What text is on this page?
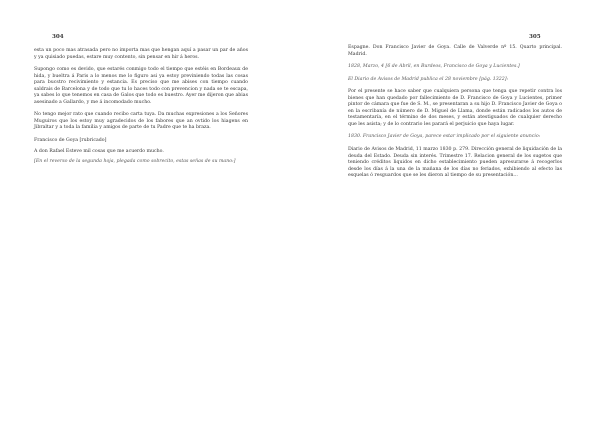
304

esta un poco mas atrasada pero no importa mas que hengan aquí a pasar un par de años y ya quisiado puedas, estare muy contento, sin pensar en hir á heros.

Supongo como es devido, que estarés conmigo todo el tiempo que estéis en Bordeaux de hida, y bueltra á Paris a lo menos me lo figuro asi ya estoy previniendo todas las cosas para bucstro recivimiento y estancia. Es preciso que me abises con tiempo cuando saldrais de Barcelona y de todo que tu lo haces todo con prevencion y nada se te escapa, ya sabes lo que tenemos en casa de Galos que todo es buestro. Ayer me dijeron que abias asesinado a Gallardo, y me á incomodado mucho.

No tengo mejor rato que cuando recibo carta tuya. Da muchas expresiones a los Señores Muguiros que los estoy muy agradecidos de los fabores que an ovtido los hiagens en Jibraltar y a toda la familia y amigos de parte de tu Padre que te ha braza.

Francisco de Goya [rubricado]

A don Rafael Esteve mil cosas que me acuerdo mucho.

[En el reverso de la segunda hoja, plegada como sobrecito, estas señas de su mano:]

305

Espagne. Don Francisco Javier de Goya. Calle de Valverde nº 15. Quarto principal. Madrid.

1828, Marzo, 4 [6 de Abril, en Burdeos, Francisco de Goya y Lucientes.]

El Diario de Avisos de Madrid publica el 28 noviembre [pág. 1322]:

Por el presente se hace saber que cualquiera persona que tenga que repetir contra los bienes que han quedado por fallecimiento de D. Francisco de Goya y Lucientes, primer pintor de cámara que fue de S. M., se presentaran a su hijo D. Francisco Javier de Goya o en la escribanía de número de D. Miguel de Llama, donde están radicados los autos de testamentaría, en el término de dos meses, y están atestiguados de cualquier derecho que les asista; y de lo contrario les parará el perjuicio que haya lugar.

1830. Francisco Javier de Goya, parece estar implicado por el siguiente anuncio:

Diario de Avisos de Madrid, 11 marzo 1830 p. 279. Dirección general de liquidación de la deuda del Estado. Deuda sin interés. Trimestre 17. Relacion general de los sugetos que teniendo créditos liquidos en dicho establecimiento pueden apresurarse á recogerlos desde los días á la una de la mañana de los días no feriados, exhibiendo al efecto las esquelas ó resguardos que se les dieron al tiempo de su presentación...
